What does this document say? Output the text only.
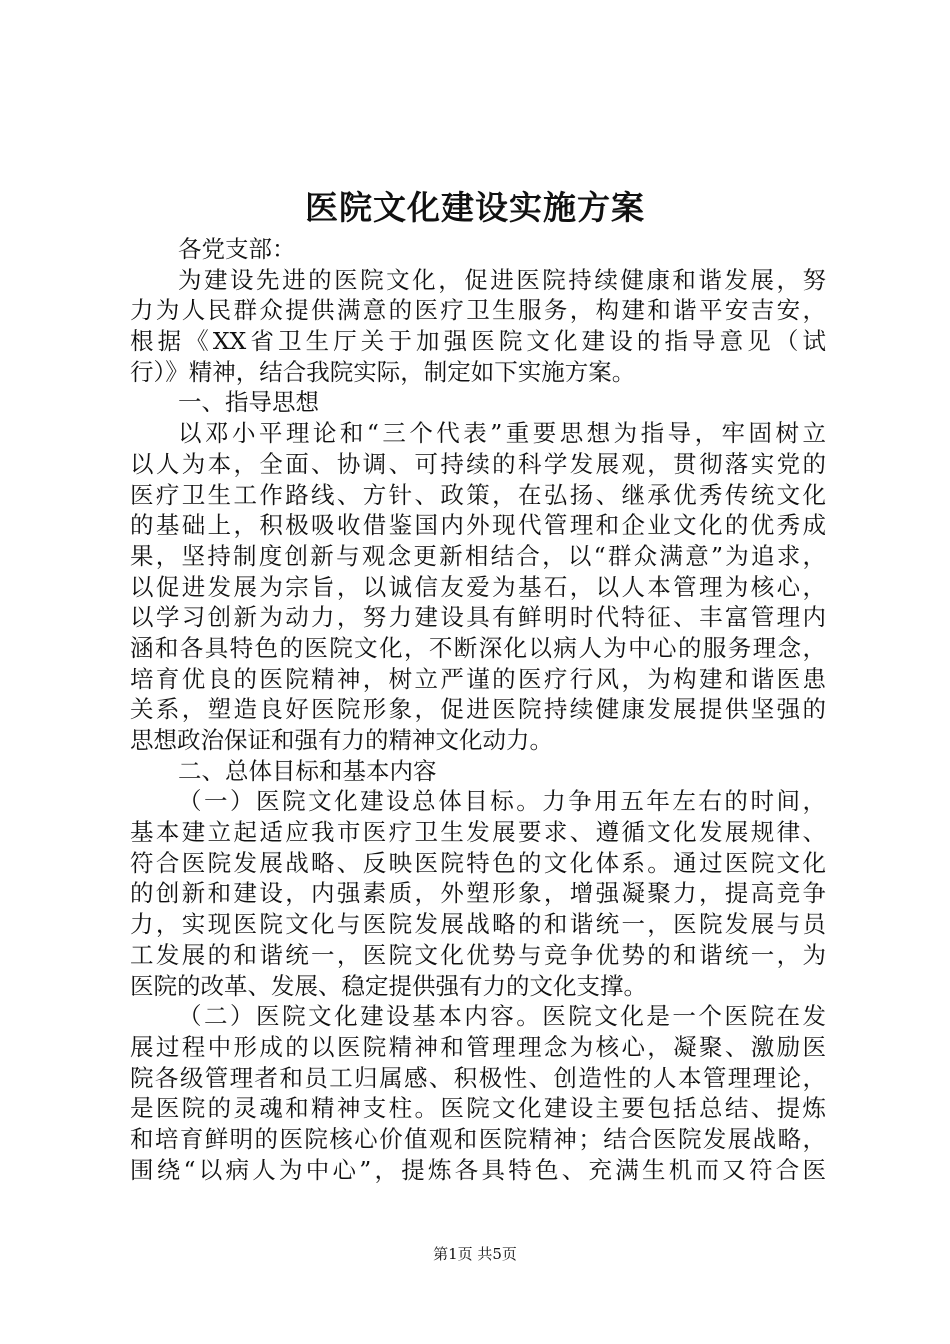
医院文化建设实施方案
各党支部：
为建设先进的医院文化，促进医院持续健康和谐发展，努
力为人民群众提供满意的医疗卫生服务，构建和谐平安吉安，
根据《XX省卫生厅关于加强医院文化建设的指导意见（试
行）》精神，结合我院实际，制定如下实施方案。
一、指导思想
以邓小平理论和“三个代表”重要思想为指导，牢固树立
以人为本，全面、协调、可持续的科学发展观，贯彻落实党的
医疗卫生工作路线、方针、政策，在弘扬、继承优秀传统文化
的基础上，积极吸收借鉴国内外现代管理和企业文化的优秀成
果，坚持制度创新与观念更新相结合，以“群众满意”为追求，
以促进发展为宗旨，以诚信友爱为基石，以人本管理为核心，
以学习创新为动力，努力建设具有鲜明时代特征、丰富管理内
涵和各具特色的医院文化，不断深化以病人为中心的服务理念，
培育优良的医院精神，树立严谨的医疗行风，为构建和谐医患
关系，塑造良好医院形象，促进医院持续健康发展提供坚强的
思想政治保证和强有力的精神文化动力。
二、总体目标和基本内容
（一）医院文化建设总体目标。力争用五年左右的时间，
基本建立起适应我市医疗卫生发展要求、遵循文化发展规律、
符合医院发展战略、反映医院特色的文化体系。通过医院文化
的创新和建设，内强素质，外塑形象，增强凝聚力，提高竞争
力，实现医院文化与医院发展战略的和谐统一，医院发展与员
工发展的和谐统一，医院文化优势与竞争优势的和谐统一，为
医院的改革、发展、稳定提供强有力的文化支撑。
（二）医院文化建设基本内容。医院文化是一个医院在发
展过程中形成的以医院精神和管理理念为核心，凝聚、激励医
院各级管理者和员工归属感、积极性、创造性的人本管理理论，
是医院的灵魂和精神支柱。医院文化建设主要包括总结、提炼
和培育鲜明的医院核心价值观和医院精神；结合医院发展战略，
围绕“以病人为中心”，提炼各具特色、充满生机而又符合医
第1页 共5页
